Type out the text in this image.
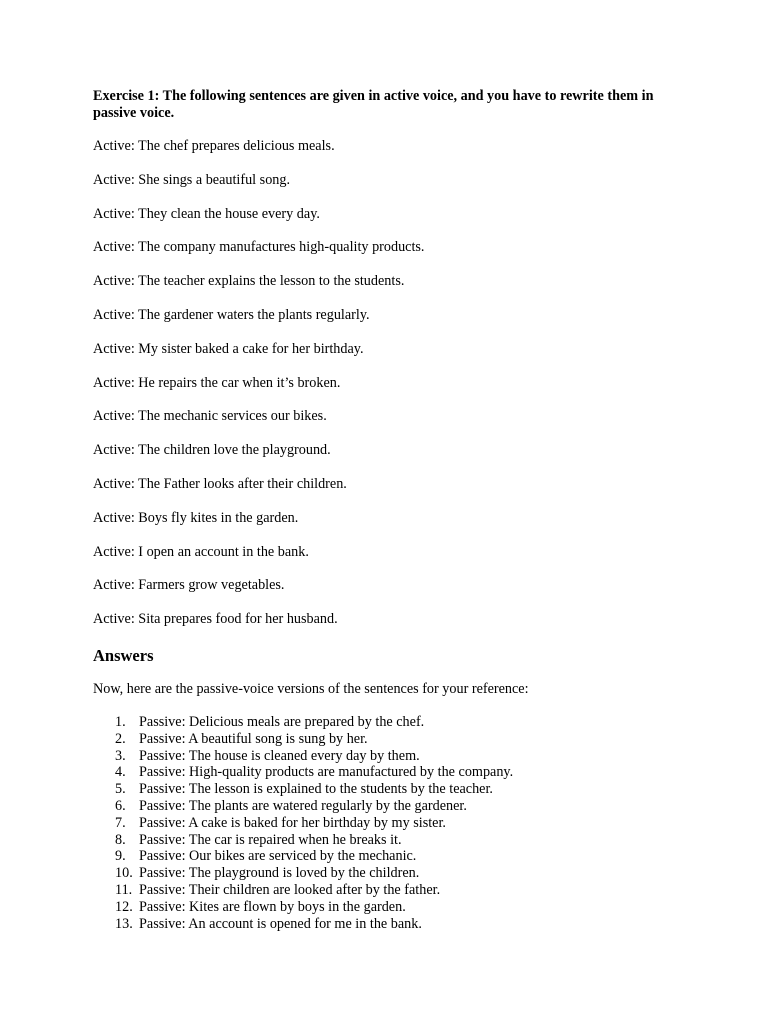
Exercise 1: The following sentences are given in active voice, and you have to rewrite them in passive voice.

Active: The chef prepares delicious meals.
Active: She sings a beautiful song.
Active: They clean the house every day.
Active: The company manufactures high-quality products.
Active: The teacher explains the lesson to the students.
Active: The gardener waters the plants regularly.
Active: My sister baked a cake for her birthday.
Active: He repairs the car when it’s broken.
Active: The mechanic services our bikes.
Active: The children love the playground.
Active: The Father looks after their children.
Active: Boys fly kites in the garden.
Active: I open an account in the bank.
Active: Farmers grow vegetables.
Active: Sita prepares food for her husband.
Answers

Now, here are the passive-voice versions of the sentences for your reference:

1. Passive: Delicious meals are prepared by the chef.
2. Passive: A beautiful song is sung by her.
3. Passive: The house is cleaned every day by them.
4. Passive: High-quality products are manufactured by the company.
5. Passive: The lesson is explained to the students by the teacher.
6. Passive: The plants are watered regularly by the gardener.
7. Passive: A cake is baked for her birthday by my sister.
8. Passive: The car is repaired when he breaks it.
9. Passive: Our bikes are serviced by the mechanic.
10. Passive: The playground is loved by the children.
11. Passive: Their children are looked after by the father.
12. Passive: Kites are flown by boys in the garden.
13. Passive: An account is opened for me in the bank.
